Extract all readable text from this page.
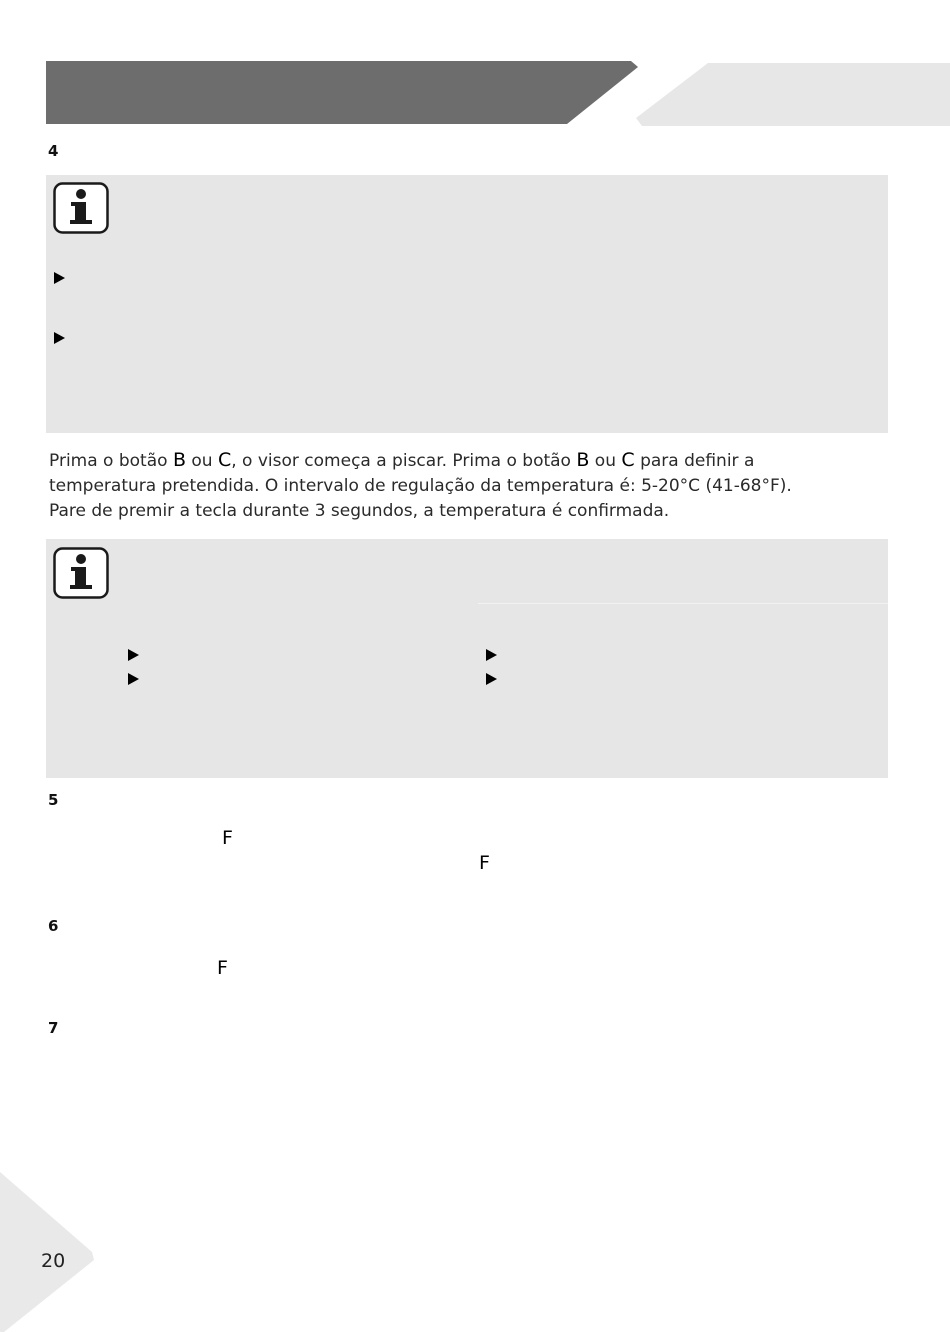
4
Prima o botão B ou C, o visor começa a piscar. Prima o botão B ou C para definir a
temperatura pretendida. O intervalo de regulação da temperatura é: 5-20°C (41-68°F).
Pare de premir a tecla durante 3 segundos, a temperatura é confirmada.
5
F
F
6
F
7
20
